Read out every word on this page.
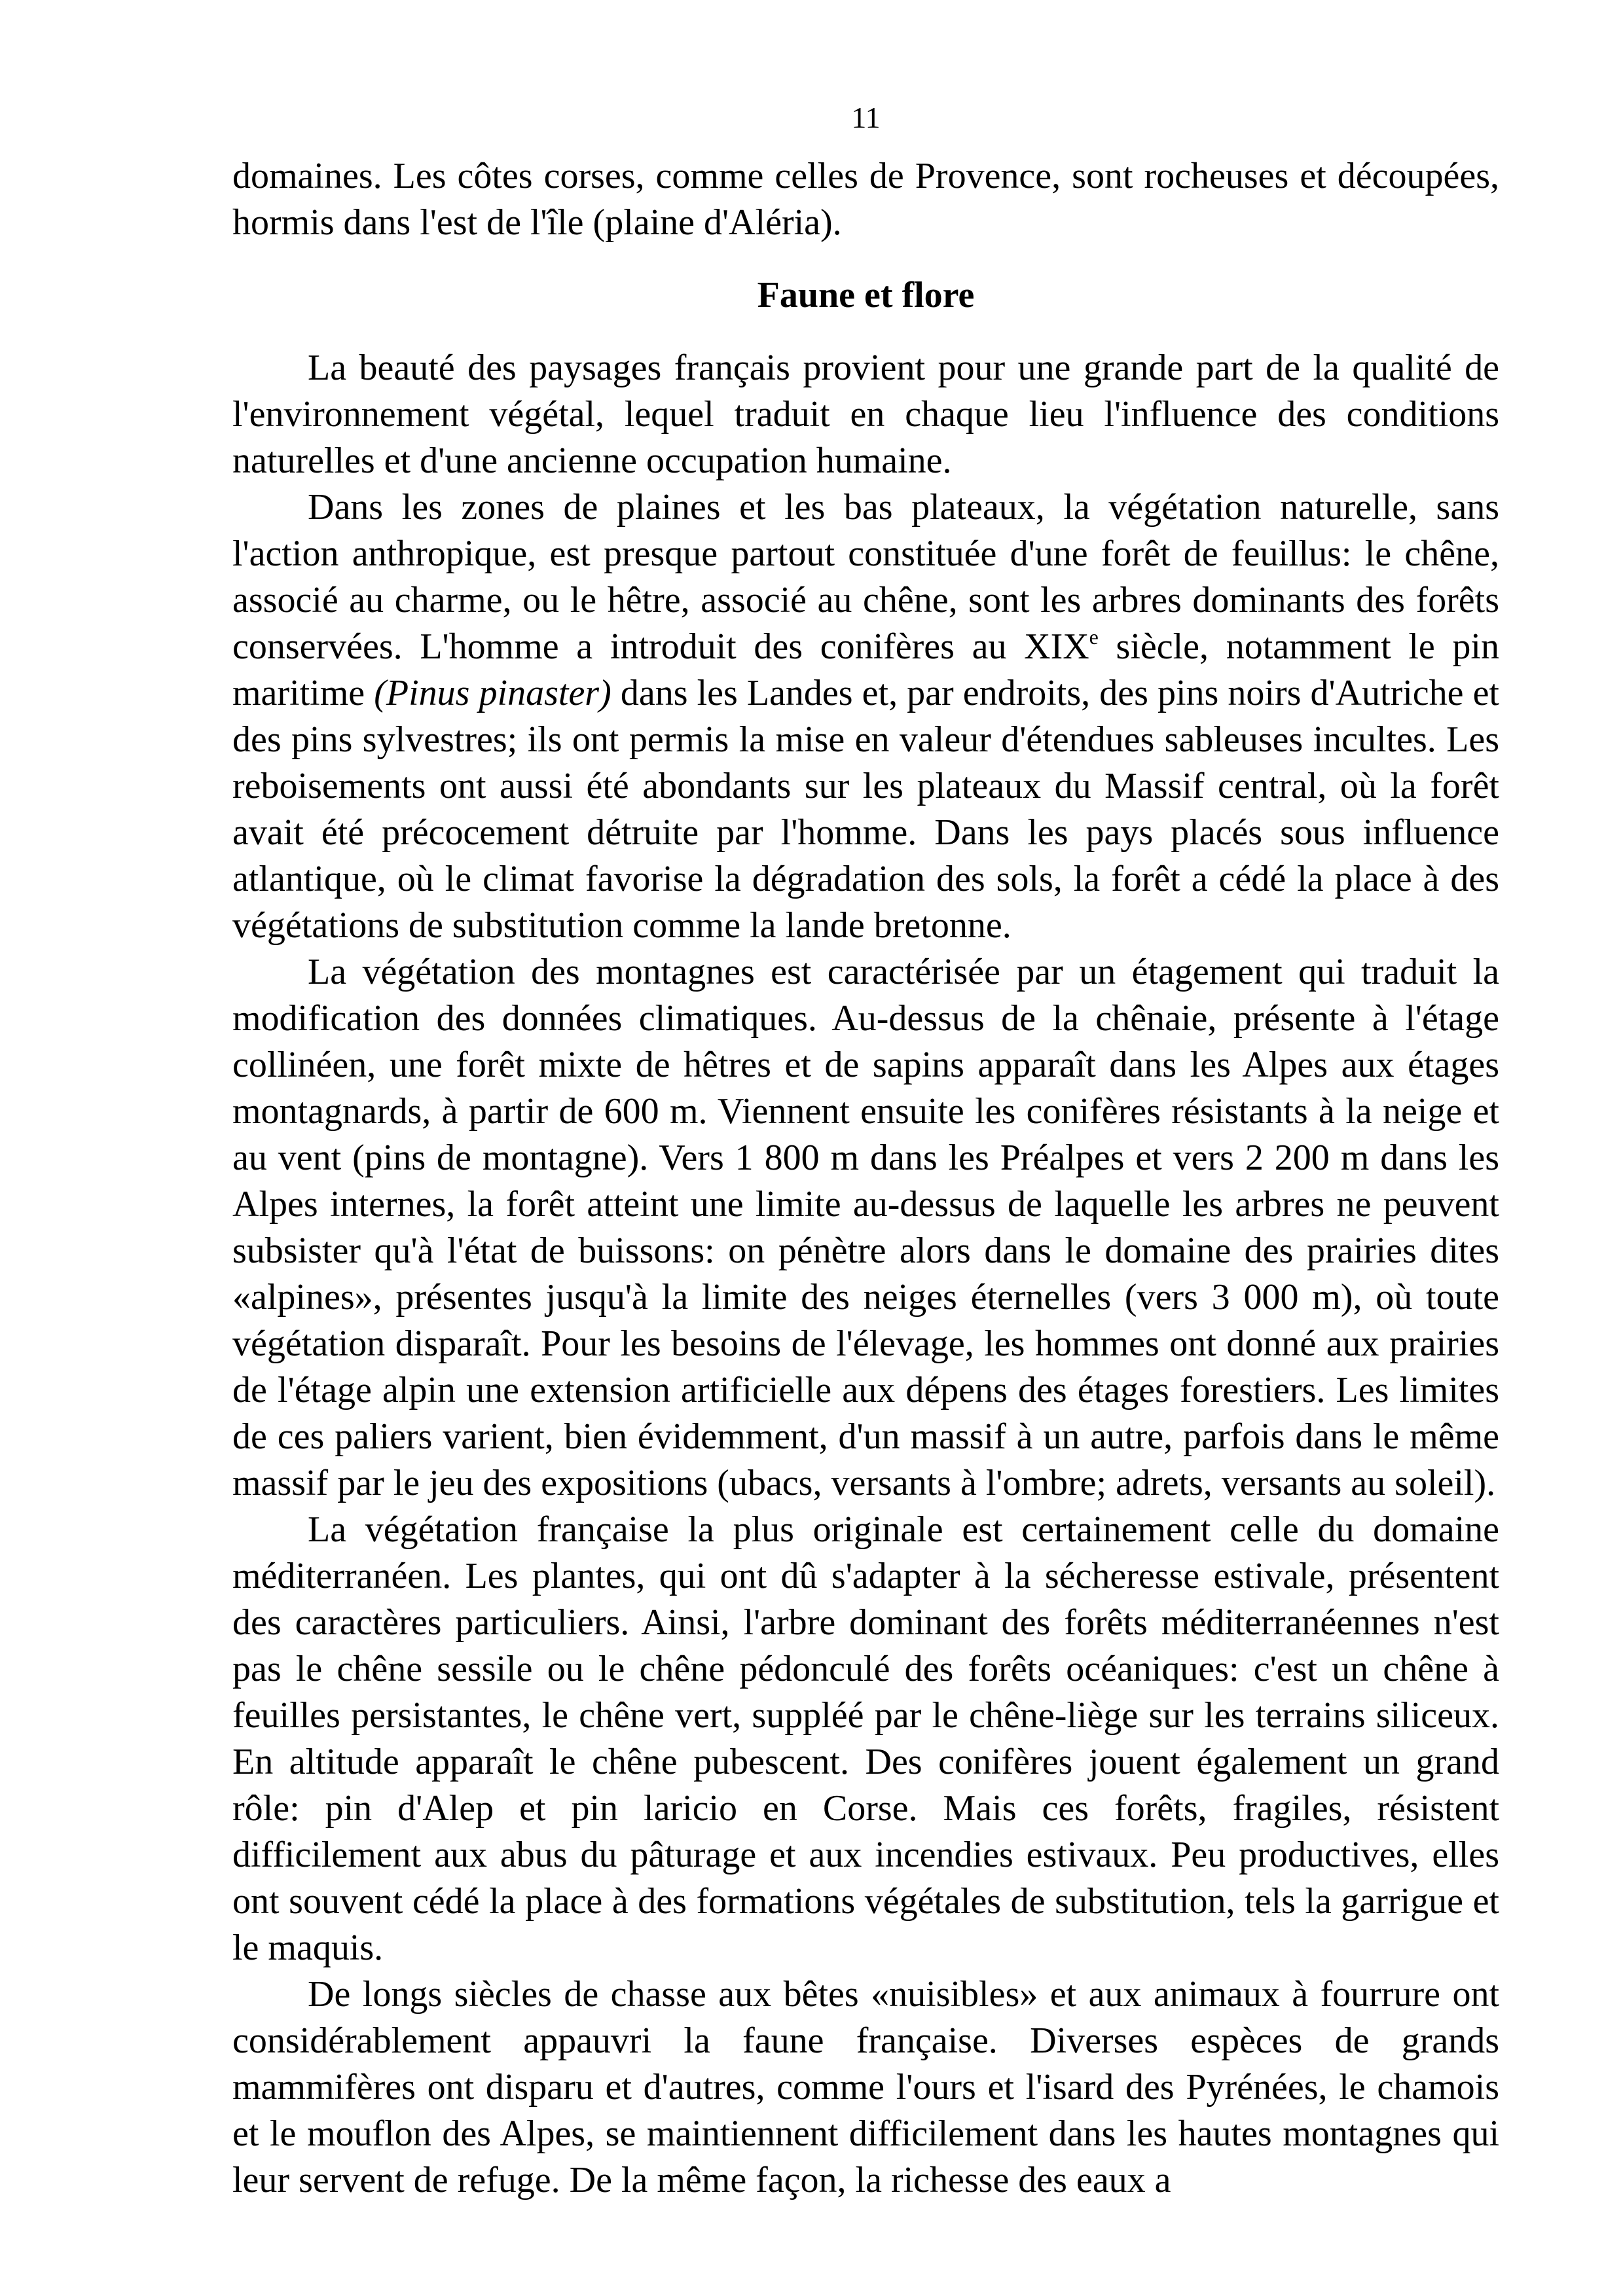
11

domaines. Les côtes corses, comme celles de Provence, sont rocheuses et découpées, hormis dans l'est de l'île (plaine d'Aléria).

Faune et flore

La beauté des paysages français provient pour une grande part de la qualité de l'environnement végétal, lequel traduit en chaque lieu l'influence des conditions naturelles et d'une ancienne occupation humaine.

Dans les zones de plaines et les bas plateaux, la végétation naturelle, sans l'action anthropique, est presque partout constituée d'une forêt de feuillus: le chêne, associé au charme, ou le hêtre, associé au chêne, sont les arbres dominants des forêts conservées. L'homme a introduit des conifères au XIXe siècle, notamment le pin maritime (Pinus pinaster) dans les Landes et, par endroits, des pins noirs d'Autriche et des pins sylvestres; ils ont permis la mise en valeur d'étendues sableuses incultes. Les reboisements ont aussi été abondants sur les plateaux du Massif central, où la forêt avait été précocement détruite par l'homme. Dans les pays placés sous influence atlantique, où le climat favorise la dégradation des sols, la forêt a cédé la place à des végétations de substitution comme la lande bretonne.

La végétation des montagnes est caractérisée par un étagement qui traduit la modification des données climatiques. Au-dessus de la chênaie, présente à l'étage collinéen, une forêt mixte de hêtres et de sapins apparaît dans les Alpes aux étages montagnards, à partir de 600 m. Viennent ensuite les conifères résistants à la neige et au vent (pins de montagne). Vers 1 800 m dans les Préalpes et vers 2 200 m dans les Alpes internes, la forêt atteint une limite au-dessus de laquelle les arbres ne peuvent subsister qu'à l'état de buissons: on pénètre alors dans le domaine des prairies dites «alpines», présentes jusqu'à la limite des neiges éternelles (vers 3 000 m), où toute végétation disparaît. Pour les besoins de l'élevage, les hommes ont donné aux prairies de l'étage alpin une extension artificielle aux dépens des étages forestiers. Les limites de ces paliers varient, bien évidemment, d'un massif à un autre, parfois dans le même massif par le jeu des expositions (ubacs, versants à l'ombre; adrets, versants au soleil).

La végétation française la plus originale est certainement celle du domaine méditerranéen. Les plantes, qui ont dû s'adapter à la sécheresse estivale, présentent des caractères particuliers. Ainsi, l'arbre dominant des forêts méditerranéennes n'est pas le chêne sessile ou le chêne pédonculé des forêts océaniques: c'est un chêne à feuilles persistantes, le chêne vert, suppléé par le chêne-liège sur les terrains siliceux. En altitude apparaît le chêne pubescent. Des conifères jouent également un grand rôle: pin d'Alep et pin laricio en Corse. Mais ces forêts, fragiles, résistent difficilement aux abus du pâturage et aux incendies estivaux. Peu productives, elles ont souvent cédé la place à des formations végétales de substitution, tels la garrigue et le maquis.

De longs siècles de chasse aux bêtes «nuisibles» et aux animaux à fourrure ont considérablement appauvri la faune française. Diverses espèces de grands mammifères ont disparu et d'autres, comme l'ours et l'isard des Pyrénées, le chamois et le mouflon des Alpes, se maintiennent difficilement dans les hautes montagnes qui leur servent de refuge. De la même façon, la richesse des eaux a
